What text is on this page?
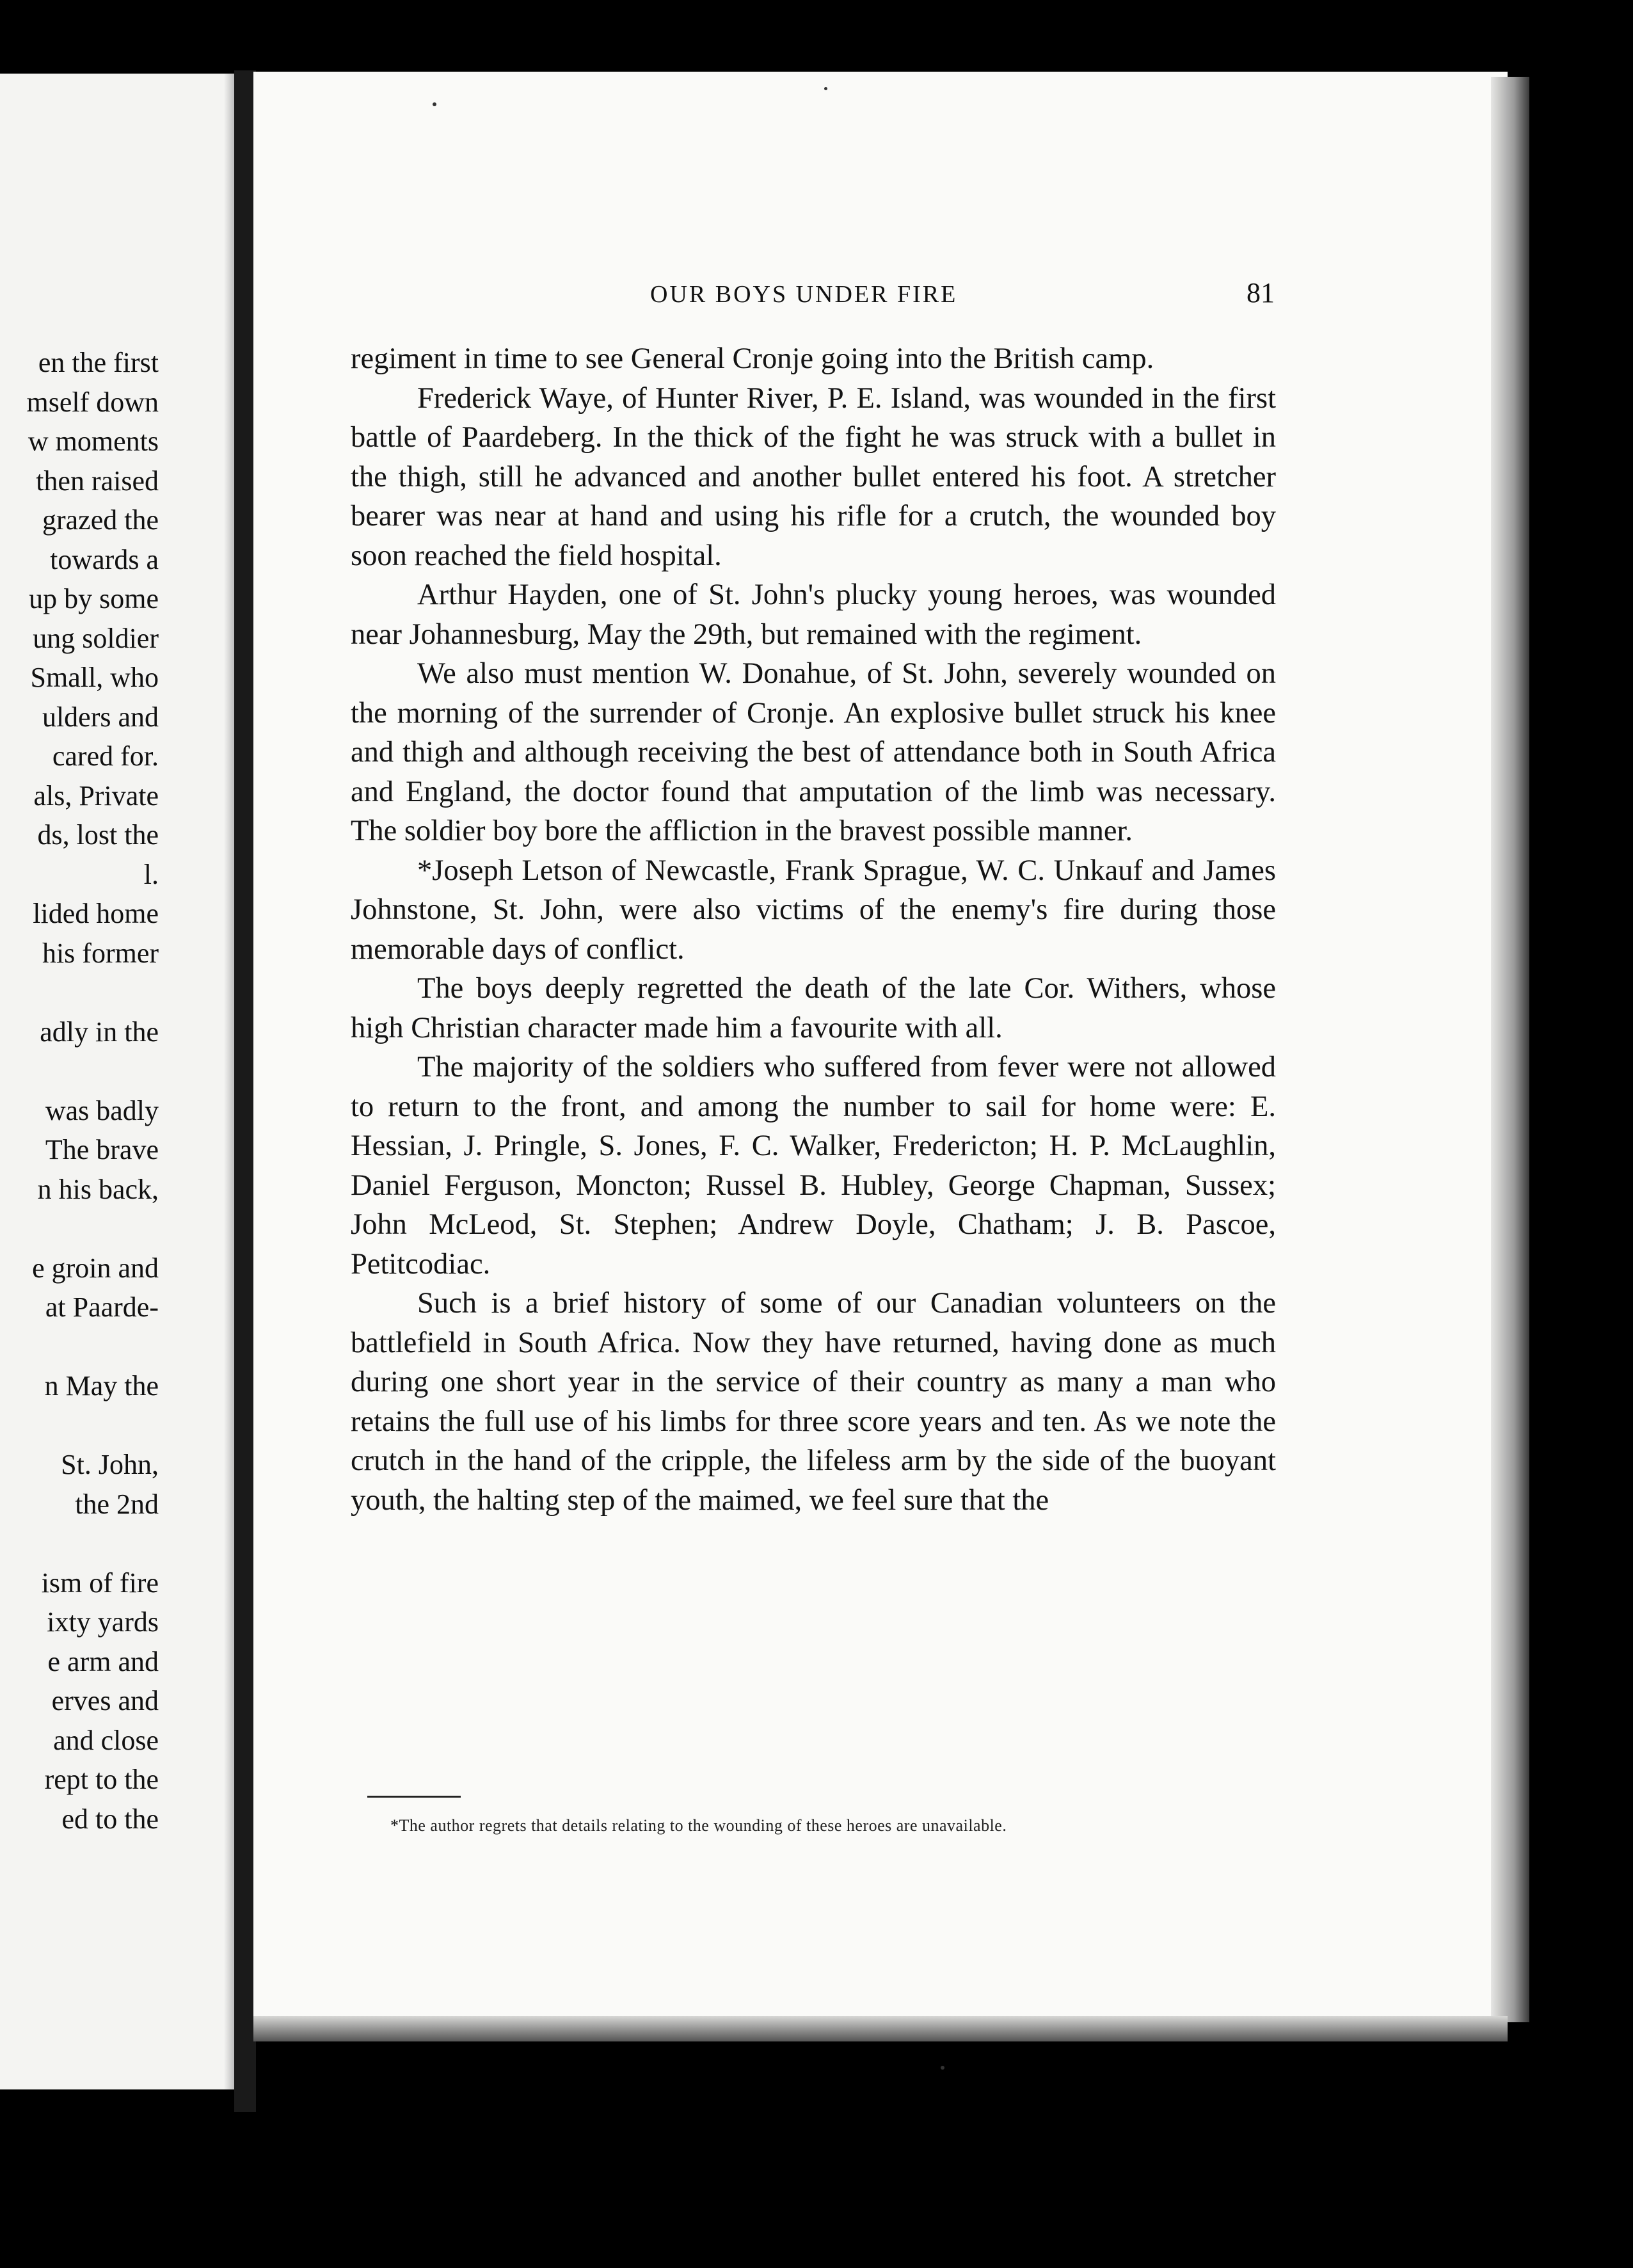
en the first
mself down
w moments
then raised
grazed the
towards a
up by some
ung soldier
Small, who
ulders and
cared for.
als, Private
ds, lost the
l.
lided home
his former
adly in the
was badly
The brave
n his back,
e groin and
at Paarde-
n May the
St. John,
the 2nd
ism of fire
ixty yards
e arm and
erves and
and close
rept to the
ed to the
OUR BOYS UNDER FIRE	81

regiment in time to see General Cronje going into the British camp.

Frederick Waye, of Hunter River, P. E. Island, was wounded in the first battle of Paardeberg. In the thick of the fight he was struck with a bullet in the thigh, still he advanced and another bullet entered his foot. A stretcher bearer was near at hand and using his rifle for a crutch, the wounded boy soon reached the field hospital.

Arthur Hayden, one of St. John's plucky young heroes, was wounded near Johannesburg, May the 29th, but remained with the regiment.

We also must mention W. Donahue, of St. John, severely wounded on the morning of the surrender of Cronje. An explosive bullet struck his knee and thigh and although receiving the best of attendance both in South Africa and England, the doctor found that amputation of the limb was necessary. The soldier boy bore the affliction in the bravest possible manner.

*Joseph Letson of Newcastle, Frank Sprague, W. C. Unkauf and James Johnstone, St. John, were also victims of the enemy's fire during those memorable days of conflict.

The boys deeply regretted the death of the late Cor. Withers, whose high Christian character made him a favourite with all.

The majority of the soldiers who suffered from fever were not allowed to return to the front, and among the number to sail for home were: E. Hessian, J. Pringle, S. Jones, F. C. Walker, Fredericton; H. P. McLaughlin, Daniel Ferguson, Moncton; Russel B. Hubley, George Chapman, Sussex; John McLeod, St. Stephen; Andrew Doyle, Chatham; J. B. Pascoe, Petitcodiac.

Such is a brief history of some of our Canadian volunteers on the battlefield in South Africa. Now they have returned, having done as much during one short year in the service of their country as many a man who retains the full use of his limbs for three score years and ten. As we note the crutch in the hand of the cripple, the lifeless arm by the side of the buoyant youth, the halting step of the maimed, we feel sure that the

*The author regrets that details relating to the wounding of these heroes are unavailable.
